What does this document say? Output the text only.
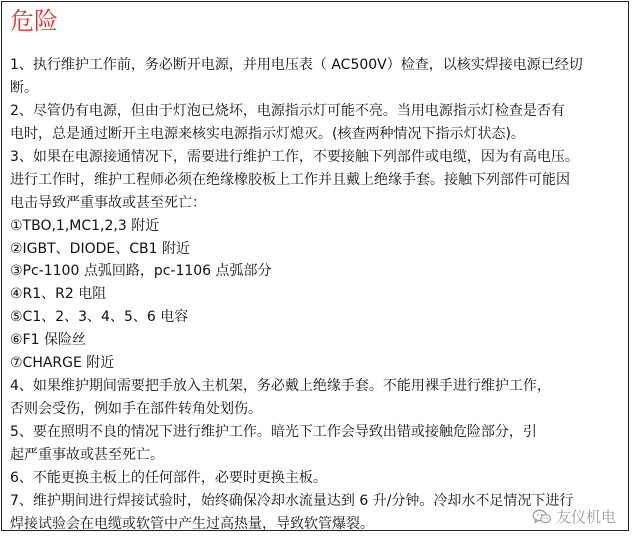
危险
1、执行维护工作前，务必断开电源，并用电压表（ AC500V）检查，以核实焊接电源已经切
断。
2、尽管仍有电源，但由于灯泡已烧坏，电源指示灯可能不亮。当用电源指示灯检查是否有
电时，总是通过断开主电源来核实电源指示灯熄灭。(核查两种情况下指示灯状态)。
3、如果在电源接通情况下，需要进行维护工作，不要接触下列部件或电缆，因为有高电压。
进行工作时，维护工程师必须在绝缘橡胶板上工作并且戴上绝缘手套。接触下列部件可能因
电击导致严重事故或甚至死亡：
①TBO,1,MC1,2,3 附近
②IGBT、DIODE、CB1 附近
③Pc-1100 点弧回路，pc-1106 点弧部分
④R1、R2 电阻
⑤C1、2、3、4、5、6 电容
⑥F1 保险丝
⑦CHARGE 附近
4、如果维护期间需要把手放入主机架，务必戴上绝缘手套。不能用裸手进行维护工作，
否则会受伤，例如手在部件转角处划伤。
5、要在照明不良的情况下进行维护工作。暗光下工作会导致出错或接触危险部分，引
起严重事故或甚至死亡。
6、不能更换主板上的任何部件，必要时更换主板。
7、维护期间进行焊接试验时，始终确保冷却水流量达到 6 升/分钟。冷却水不足情况下进行
焊接试验会在电缆或软管中产生过高热量，导致软管爆裂。	友仪机电
